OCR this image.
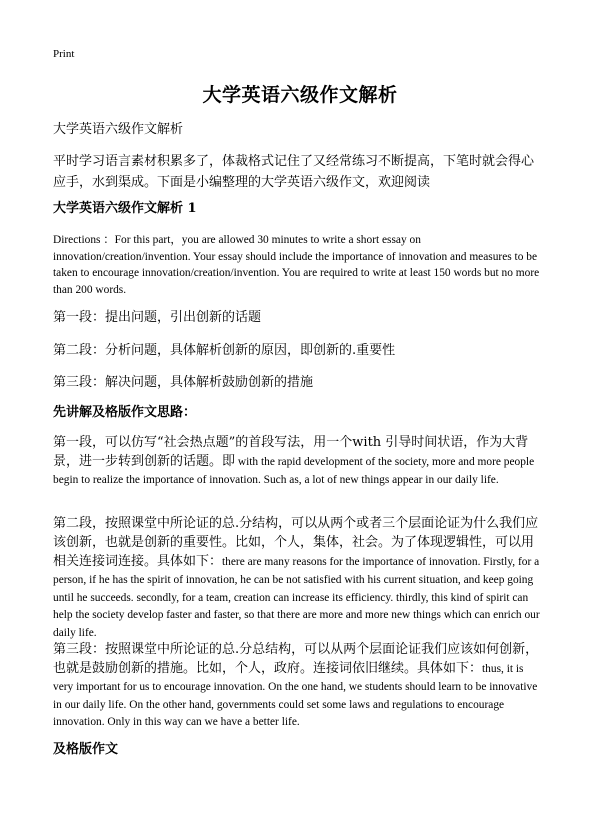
Print
大学英语六级作文解析
大学英语六级作文解析
平时学习语言素材积累多了，体裁格式记住了又经常练习不断提高，下笔时就会得心应手，水到渠成。下面是小编整理的大学英语六级作文，欢迎阅读
大学英语六级作文解析 1
Directions ：For this part，you are allowed 30 minutes to write a short essay on innovation/creation/invention. Your essay should include the importance of innovation and measures to be taken to encourage innovation/creation/invention. You are required to write at least 150 words but no more than 200 words.
第一段：提出问题，引出创新的话题
第二段：分析问题，具体解析创新的原因，即创新的.重要性
第三段：解决问题，具体解析鼓励创新的措施
先讲解及格版作文思路：
第一段，可以仿写“社会热点题”的首段写法，用一个with 引导时间状语，作为大背景，进一步转到创新的话题。即 with the rapid development of the society, more and more people begin to realize the importance of innovation. Such as, a lot of new things appear in our daily life.
第二段，按照课堂中所论证的总.分结构，可以从两个或者三个层面论证为什么我们应该创新，也就是创新的重要性。比如，个人，集体，社会。为了体现逻辑性，可以用相关连接词连接。具体如下：there are many reasons for the importance of innovation. Firstly, for a person, if he has the spirit of innovation, he can be not satisfied with his current situation, and keep going until he succeeds. secondly, for a team, creation can increase its efficiency. thirdly, this kind of spirit can help the society develop faster and faster, so that there are more and more new things which can enrich our daily life.
第三段：按照课堂中所论证的总.分总结构，可以从两个层面论证我们应该如何创新，也就是鼓励创新的措施。比如，个人，政府。连接词依旧继续。具体如下：thus, it is very important for us to encourage innovation. On the one hand, we students should learn to be innovative in our daily life. On the other hand, governments could set some laws and regulations to encourage innovation. Only in this way can we have a better life.
及格版作文
